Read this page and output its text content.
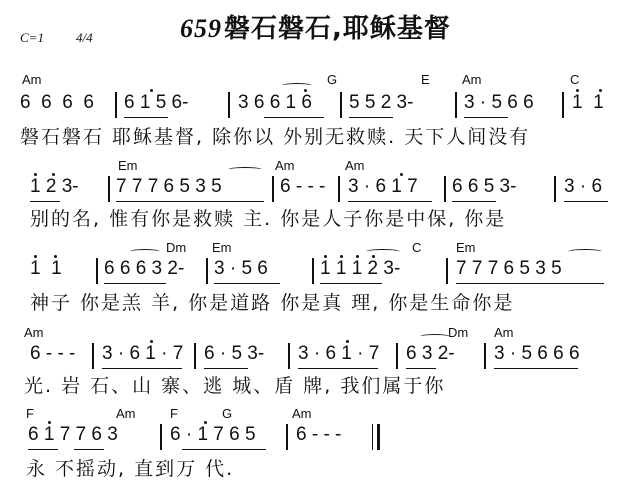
C=1 4/4	659磐石磐石,耶稣基督
Am	G	E Am	C
6  6  6  6 6 1 5 6-	3 6 6 1 6 5 5 2 3-	3 · 5 6 6 1  1
磐石磐石 耶稣基督, 除你以 外别无救赎. 天下人间没有
Em	Am	Am
1 2 3- 7 7 7 6 5 3 5	6 - - - 3 · 6 1 7 6 6 5 3-	3 · 6
别的名, 惟有你是救赎 主. 你是人子你是中保, 你是
Dm Em	C	Em
1  1 6 6 6 3 2- 3 · 5 6	1 1 1 2 3-	7 7 7 6 5 3 5
神子 你是羔 羊, 你是道路 你是真 理, 你是生命你是
Am	Dm Am
6 - - - 3 · 6 1 · 7 6 · 5 3- 3 · 6 1 · 7 6 3 2- 3 · 5 6 6 6
光. 岩 石、山 寨、逃 城、盾 牌, 我们属于你
F	Am	F	G	Am
6 1 7 7 6 3	6 · 1 7 6 5 6 - - -
永 不摇动, 直到万 代.
